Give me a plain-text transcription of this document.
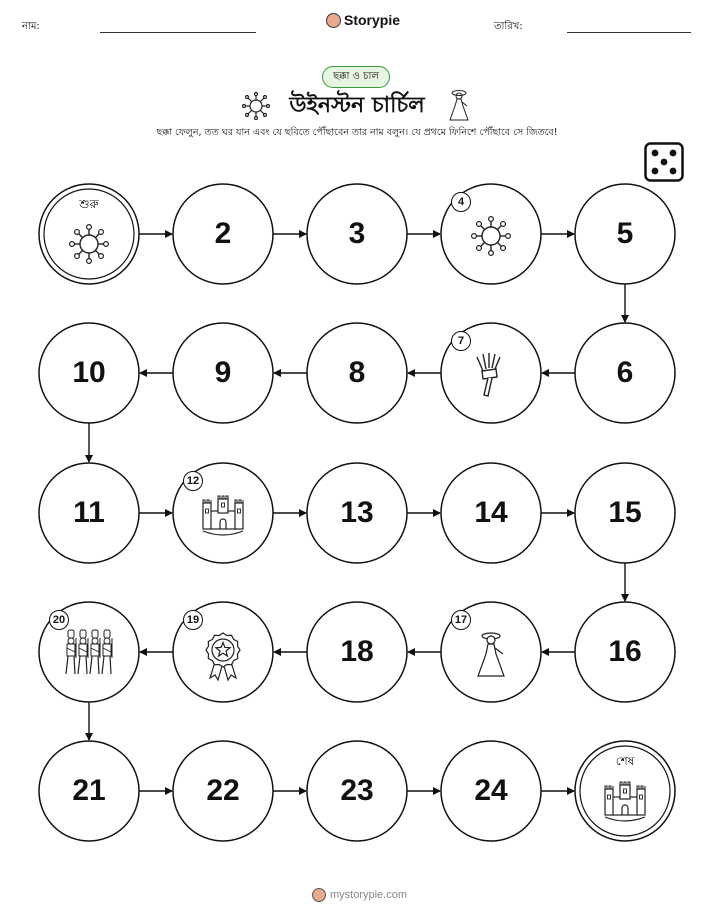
নাম:	Storypie	তারিখ:
ছক্কা ও চাল
উইনস্টন চার্চিল
ছক্কা ফেলুন, তত ঘর যান এবং যে ছবিতে পৌঁছাবেন তার নাম বলুন। যে প্রথমে ফিনিশে পৌঁছাবে সে জিতবে!
শুরু
2	3
4
5
6
7
8
9
10
11
12
13	14	15
16
17
18
19
20
21	22	23	24
শেষ
mystorypie.com
